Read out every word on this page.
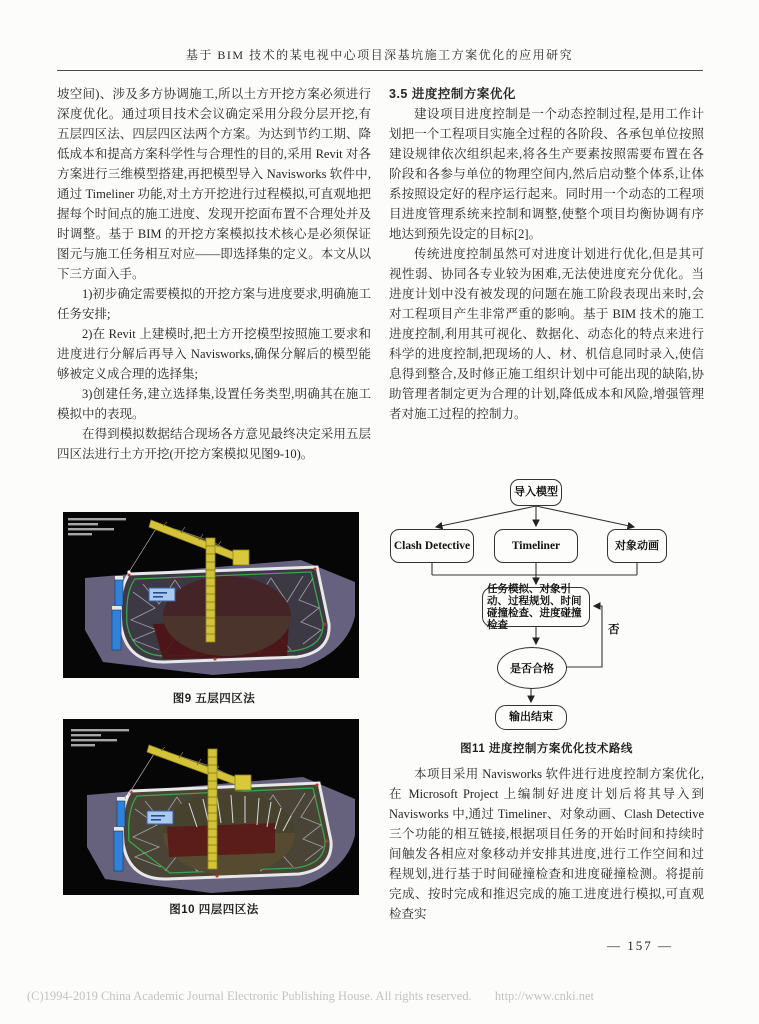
基于 BIM 技术的某电视中心项目深基坑施工方案优化的应用研究

坡空间)、涉及多方协调施工,所以土方开挖方案必须进行深度优化。通过项目技术会议确定采用分段分层开挖,有五层四区法、四层四区法两个方案。为达到节约工期、降低成本和提高方案科学性与合理性的目的,采用 Revit 对各方案进行三维模型搭建,再把模型导入 Navisworks 软件中,通过 Timeliner 功能,对土方开挖进行过程模拟,可直观地把握每个时间点的施工进度、发现开挖面布置不合理处并及时调整。基于 BIM 的开挖方案模拟技术核心是必须保证图元与施工任务相互对应——即选择集的定义。本文从以下三方面入手。

1)初步确定需要模拟的开挖方案与进度要求,明确施工任务安排;

2)在 Revit 上建模时,把土方开挖模型按照施工要求和进度进行分解后再导入 Navisworks,确保分解后的模型能够被定义成合理的选择集;

3)创建任务,建立选择集,设置任务类型,明确其在施工模拟中的表现。

在得到模拟数据结合现场各方意见最终决定采用五层四区法进行土方开挖(开挖方案模拟见图9-10)。

图9 五层四区法
图10 四层四区法

3.5 进度控制方案优化

建设项目进度控制是一个动态控制过程,是用工作计划把一个工程项目实施全过程的各阶段、各承包单位按照建设规律依次组织起来,将各生产要素按照需要布置在各阶段和各参与单位的物理空间内,然后启动整个体系,让体系按照设定好的程序运行起来。同时用一个动态的工程项目进度管理系统来控制和调整,使整个项目均衡协调有序地达到预先设定的目标[2]。

传统进度控制虽然可对进度计划进行优化,但是其可视性弱、协同各专业较为困难,无法使进度充分优化。当进度计划中没有被发现的问题在施工阶段表现出来时,会对工程项目产生非常严重的影响。基于 BIM 技术的施工进度控制,利用其可视化、数据化、动态化的特点来进行科学的进度控制,把现场的人、材、机信息同时录入,使信息得到整合,及时修正施工组织计划中可能出现的缺陷,协助管理者制定更为合理的计划,降低成本和风险,增强管理者对施工过程的控制力。

导入模型
Clash Detective	Timeliner	对象动画
任务模拟、对象引动、过程规划、时间碰撞检查、进度碰撞检查
是否合格
否
输出结束
图11 进度控制方案优化技术路线

本项目采用 Navisworks 软件进行进度控制方案优化,在 Microsoft Project 上编制好进度计划后将其导入到 Navisworks 中,通过 Timeliner、对象动画、Clash Detective 三个功能的相互链接,根据项目任务的开始时间和持续时间触发各相应对象移动并安排其进度,进行工作空间和过程规划,进行基于时间碰撞检查和进度碰撞检测。将提前完成、按时完成和推迟完成的施工进度进行模拟,可直观检查实

— 157 —
(C)1994-2019 China Academic Journal Electronic Publishing House. All rights reserved. http://www.cnki.net
